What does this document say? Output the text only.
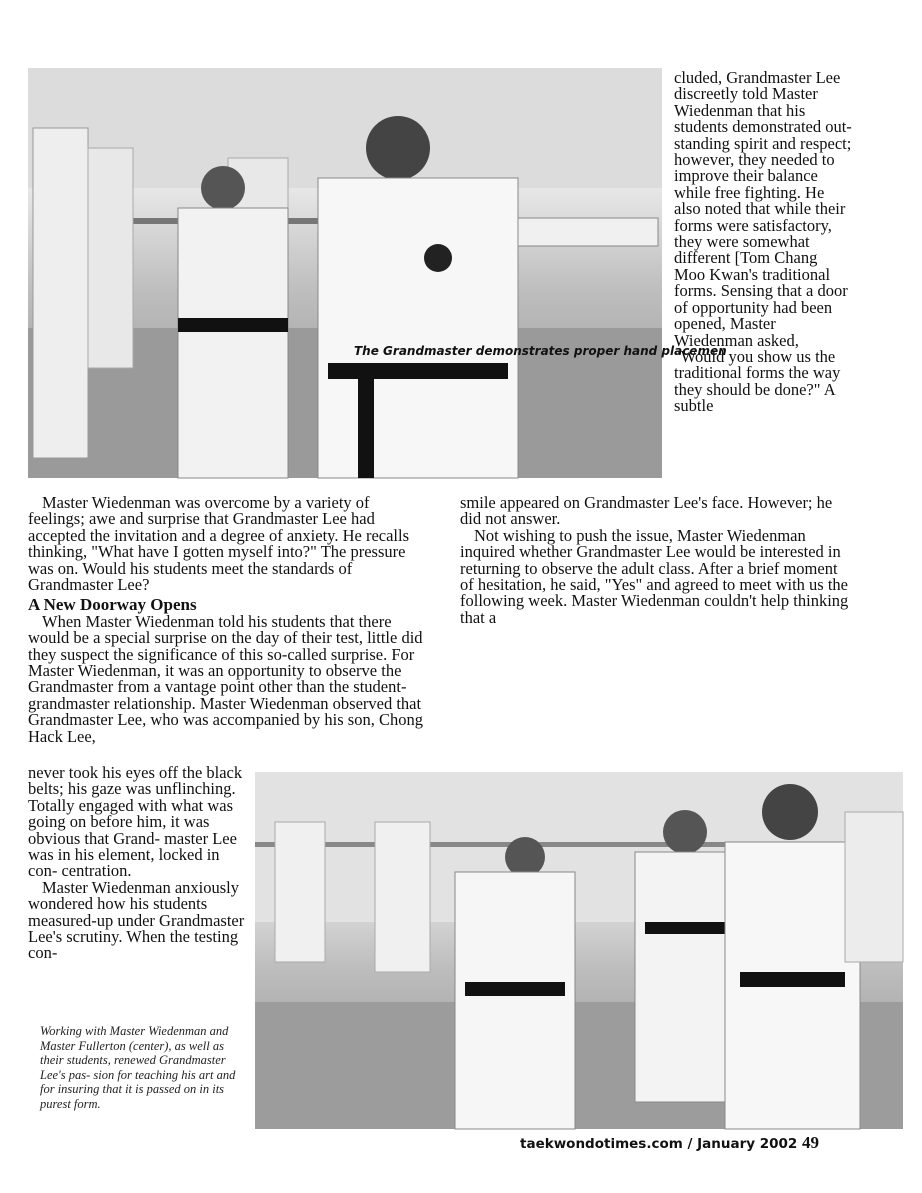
The Grandmaster demonstrates proper hand placemen

cluded, Grandmaster Lee discreetly told Master Wiedenman that his students demonstrated out- standing spirit and respect; however, they needed to improve their balance while free fighting. He also noted that while their forms were satisfactory, they were somewhat different [Tom Chang Moo Kwan's traditional forms. Sensing that a door of opportunity had been opened, Master Wiedenman asked, "Would you show us the traditional forms the way they should be done?" A subtle

Master Wiedenman was overcome by a variety of feelings; awe and surprise that Grandmaster Lee had accepted the invitation and a degree of anxiety. He recalls thinking, "What have I gotten myself into?" The pressure was on. Would his students meet the standards of Grandmaster Lee?

A New Doorway Opens

When Master Wiedenman told his students that there would be a special surprise on the day of their test, little did they suspect the significance of this so-called surprise. For Master Wiedenman, it was an opportunity to observe the Grandmaster from a vantage point other than the student-grandmaster relationship. Master Wiedenman observed that Grandmaster Lee, who was accompanied by his son, Chong Hack Lee,

never took his eyes off the black belts; his gaze was unflinching. Totally engaged with what was going on before him, it was obvious that Grand- master Lee was in his element, locked in con- centration.

Master Wiedenman anxiously wondered how his students measured-up under Grandmaster Lee's scrutiny. When the testing con-

smile appeared on Grandmaster Lee's face. However; he did not answer.

Not wishing to push the issue, Master Wiedenman inquired whether Grandmaster Lee would be interested in returning to observe the adult class. After a brief moment of hesitation, he said, "Yes" and agreed to meet with us the following week. Master Wiedenman couldn't help thinking that a

Working with Master Wiedenman and Master Fullerton (center), as well as their students, renewed Grandmaster Lee's pas- sion for teaching his art and for insuring that it is passed on in its purest form.
taekwondotimes.com / January 2002 49
